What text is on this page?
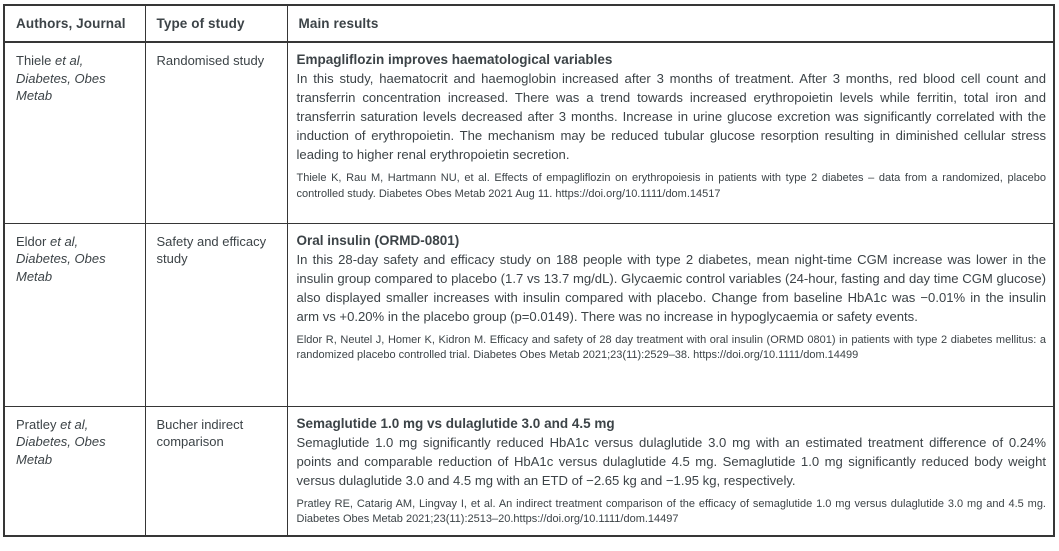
Authors, Journal	Type of study	Main results
Thiele et al, Diabetes, Obes Metab	Randomised study	Empagliflozin improves haematological variables

In this study, haematocrit and haemoglobin increased after 3 months of treatment. After 3 months, red blood cell count and transferrin concentration increased. There was a trend towards increased erythropoietin levels while ferritin, total iron and transferrin saturation levels decreased after 3 months. Increase in urine glucose excretion was significantly correlated with the induction of erythropoietin. The mechanism may be reduced tubular glucose resorption resulting in diminished cellular stress leading to higher renal erythropoietin secretion.

Thiele K, Rau M, Hartmann NU, et al. Effects of empagliflozin on erythropoiesis in patients with type 2 diabetes – data from a randomized, placebo controlled study. Diabetes Obes Metab 2021 Aug 11. https://doi.org/10.1111/dom.14517

Eldor et al, Diabetes, Obes Metab	Safety and efficacy study	Oral insulin (ORMD-0801)

In this 28-day safety and efficacy study on 188 people with type 2 diabetes, mean night-time CGM increase was lower in the insulin group compared to placebo (1.7 vs 13.7 mg/dL). Glycaemic control variables (24-hour, fasting and day time CGM glucose) also displayed smaller increases with insulin compared with placebo. Change from baseline HbA1c was −0.01% in the insulin arm vs +0.20% in the placebo group (p=0.0149). There was no increase in hypoglycaemia or safety events.

Eldor R, Neutel J, Homer K, Kidron M. Efficacy and safety of 28 day treatment with oral insulin (ORMD 0801) in patients with type 2 diabetes mellitus: a randomized placebo controlled trial. Diabetes Obes Metab 2021;23(11):2529–38. https://doi.org/10.1111/dom.14499

Pratley et al, Diabetes, Obes Metab	Bucher indirect comparison	Semaglutide 1.0 mg vs dulaglutide 3.0 and 4.5 mg

Semaglutide 1.0 mg significantly reduced HbA1c versus dulaglutide 3.0 mg with an estimated treatment difference of 0.24% points and comparable reduction of HbA1c versus dulaglutide 4.5 mg. Semaglutide 1.0 mg significantly reduced body weight versus dulaglutide 3.0 and 4.5 mg with an ETD of −2.65 kg and −1.95 kg, respectively.

Pratley RE, Catarig AM, Lingvay I, et al. An indirect treatment comparison of the efficacy of semaglutide 1.0 mg versus dulaglutide 3.0 mg and 4.5 mg. Diabetes Obes Metab 2021;23(11):2513–20.https://doi.org/10.1111/dom.14497
